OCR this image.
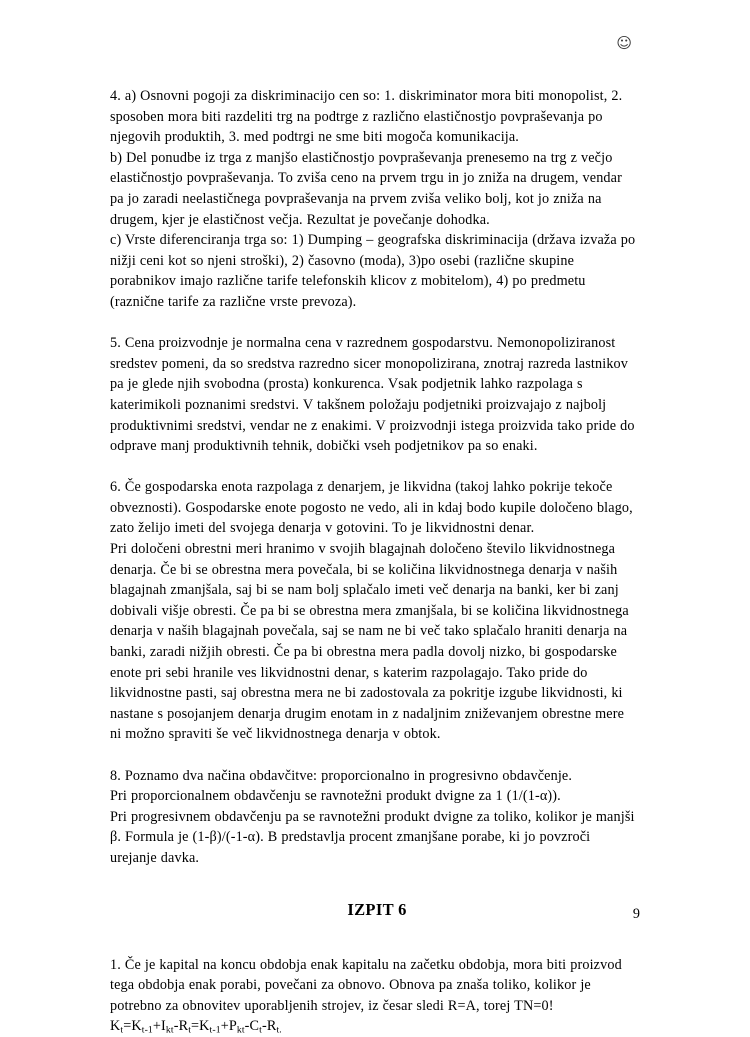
☺
4. a) Osnovni pogoji za diskriminacijo cen so: 1. diskriminator mora biti monopolist, 2.
sposoben mora biti razdeliti trg na podtrge z različno elastičnostjo povpraševanja po
njegovih produktih, 3. med podtrgi ne sme biti mogoča komunikacija.
b) Del ponudbe iz trga z manjšo elastičnostjo povpraševanja prenesemo na trg z večjo
elastičnostjo povpraševanja. To zviša ceno na prvem trgu in jo zniža na drugem, vendar
pa jo zaradi neelastičnega povpraševanja na prvem zviša veliko bolj, kot jo zniža na
drugem, kjer je elastičnost večja. Rezultat je povečanje dohodka.
c) Vrste diferenciranja trga so: 1) Dumping – geografska diskriminacija (država izvaža po
nižji ceni kot so njeni stroški), 2) časovno (moda), 3)po osebi (različne skupine
porabnikov imajo različne tarife telefonskih klicov z mobitelom), 4) po predmetu
(raznične tarife za različne vrste prevoza).
5. Cena proizvodnje je normalna cena v razrednem gospodarstvu. Nemonopoliziranost
sredstev pomeni, da so sredstva razredno sicer monopolizirana, znotraj razreda lastnikov
pa je glede njih svobodna (prosta) konkurenca. Vsak podjetnik lahko razpolaga s
katerimikoli poznanimi sredstvi. V takšnem položaju podjetniki proizvajajo z najbolj
produktivnimi sredstvi, vendar ne z enakimi. V proizvodnji istega proizvida tako pride do
odprave manj produktivnih tehnik, dobički vseh podjetnikov pa so enaki.
6. Če gospodarska enota razpolaga z denarjem, je likvidna (takoj lahko pokrije tekoče
obveznosti). Gospodarske enote pogosto ne vedo, ali in kdaj bodo kupile določeno blago,
zato želijo imeti del svojega denarja v gotovini. To je likvidnostni denar.
Pri določeni obrestni meri hranimo v svojih blagajnah določeno število likvidnostnega
denarja. Če bi se obrestna mera povečala, bi se količina likvidnostnega denarja v naših
blagajnah zmanjšala, saj bi se nam bolj splačalo imeti več denarja na banki, ker bi zanj
dobivali višje obresti. Če pa bi se obrestna mera zmanjšala, bi se količina likvidnostnega
denarja v naših blagajnah povečala, saj se nam ne bi več tako splačalo hraniti denarja na
banki, zaradi nižjih obresti. Če pa bi obrestna mera padla dovolj nizko, bi gospodarske
enote pri sebi hranile ves likvidnostni denar, s katerim razpolagajo. Tako pride do
likvidnostne pasti, saj obrestna mera ne bi zadostovala za pokritje izgube likvidnosti, ki
nastane s posojanjem denarja drugim enotam in z nadaljnim zniževanjem obrestne mere
ni možno spraviti še več likvidnostnega denarja v obtok.
8. Poznamo dva načina obdavčitve: proporcionalno in progresivno obdavčenje.
Pri proporcionalnem obdavčenju se ravnotežni produkt dvigne za 1 (1/(1-α)).
Pri progresivnem obdavčenju pa se ravnotežni produkt dvigne za toliko, kolikor je manjši
β. Formula je (1-β)/(-1-α). B predstavlja procent zmanjšane porabe, ki jo povzroči
urejanje davka.
IZPIT 6
1. Če je kapital na koncu obdobja enak kapitalu na začetku obdobja, mora biti proizvod
tega obdobja enak porabi, povečani za obnovo. Obnova pa znaša toliko, kolikor je
potrebno za obnovitev uporabljenih strojev, iz česar sledi R=A, torej TN=0!
$K_t=K_{t-1}+I_{kt}-R_t=K_{t-1}+P_{kt}-C_t-R_{t.}$
9
